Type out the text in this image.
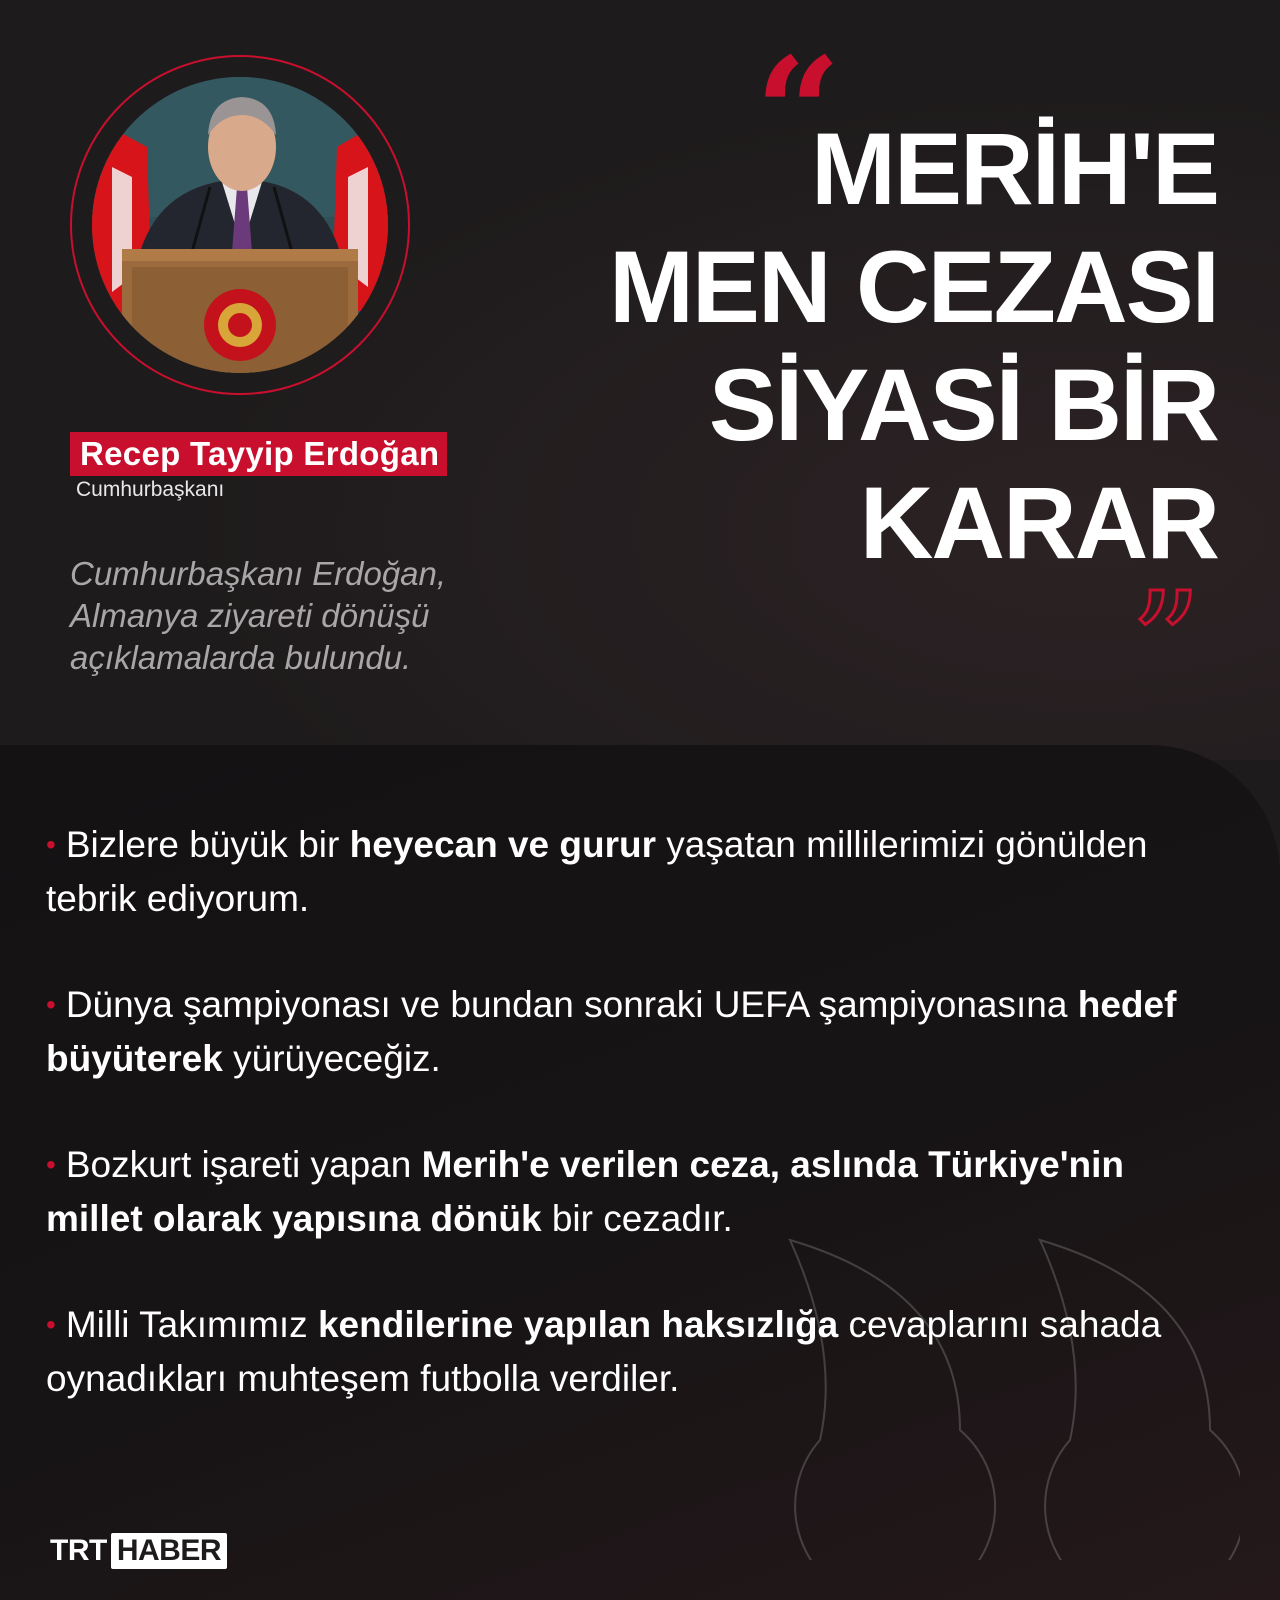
Recep Tayyip Erdoğan
Cumhurbaşkanı
Cumhurbaşkanı Erdoğan, Almanya ziyareti dönüşü açıklamalarda bulundu.
“
MERİH'E
MEN CEZASI
SİYASİ BİR
KARAR
”
• Bizlere büyük bir heyecan ve gurur yaşatan millilerimizi gönülden tebrik ediyorum.
• Dünya şampiyonası ve bundan sonraki UEFA şampiyonasına hedef büyüterek yürüyeceğiz.
• Bozkurt işareti yapan Merih'e verilen ceza, aslında Türkiye'nin millet olarak yapısına dönük bir cezadır.
• Milli Takımımız kendilerine yapılan haksızlığa cevaplarını sahada oynadıkları muhteşem futbolla verdiler.
TRT HABER
